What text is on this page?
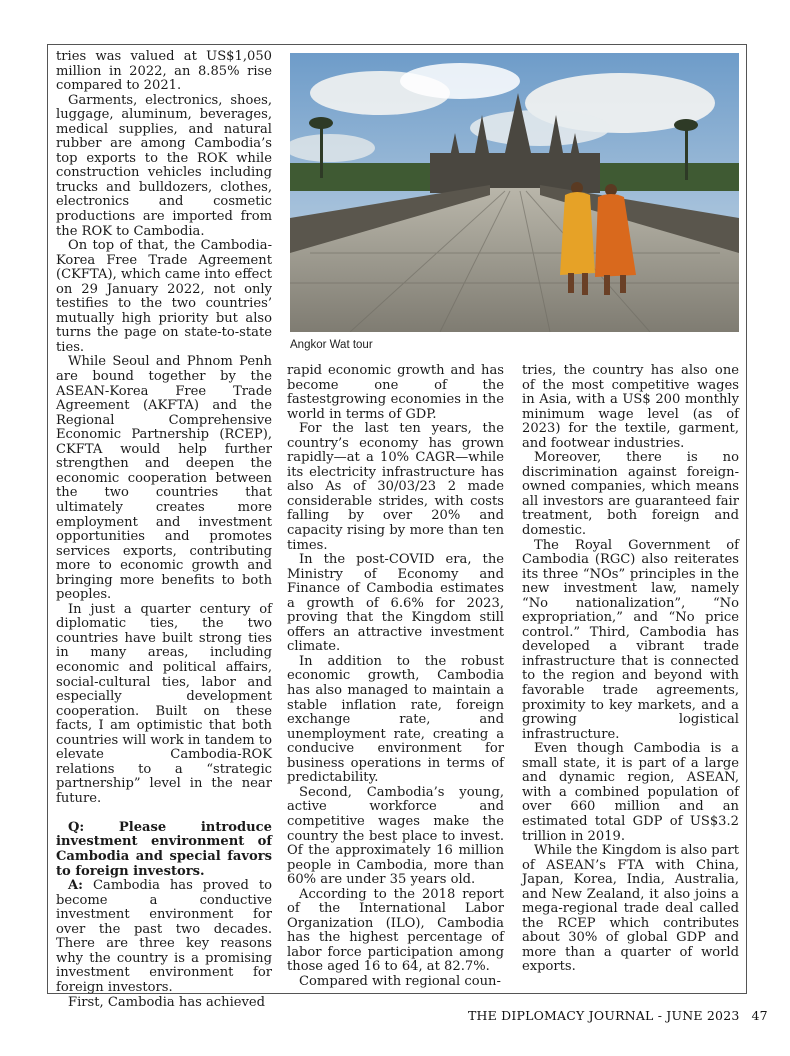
tries was valued at US$1,050 million in 2022, an 8.85% rise compared to 2021.

Garments, electronics, shoes, luggage, aluminum, beverages, medical supplies, and natural rubber are among Cambodia’s top exports to the ROK while construction vehicles including trucks and bulldozers, clothes, electronics and cosmetic productions are imported from the ROK to Cambodia.

On top of that, the Cambodia-Korea Free Trade Agreement (CKFTA), which came into effect on 29 January 2022, not only testifies to the two countries’ mutually high priority but also turns the page on state-to-state ties.

While Seoul and Phnom Penh are bound together by the ASEAN-Korea Free Trade Agreement (AKFTA) and the Regional Comprehensive Economic Partnership (RCEP), CKFTA would help further strengthen and deepen the economic cooperation between the two countries that ultimately creates more employment and investment opportunities and promotes services exports, contributing more to economic growth and bringing more benefits to both peoples.

In just a quarter century of diplomatic ties, the two countries have built strong ties in many areas, including economic and political affairs, social-cultural ties, labor and especially development cooperation. Built on these facts, I am optimistic that both countries will work in tandem to elevate Cambodia-ROK relations to a “strategic partnership” level in the near future.

Q: Please introduce investment environment of Cambodia and special favors to foreign investors.

A: Cambodia has proved to become a conductive investment environment for over the past two decades. There are three key reasons why the country is a promising investment environment for foreign investors.

First, Cambodia has achieved

Angkor Wat tour

rapid economic growth and has become one of the fastestgrowing economies in the world in terms of GDP.

For the last ten years, the country’s economy has grown rapidly—at a 10% CAGR—while its electricity infrastructure has also As of 30/03/23 2 made considerable strides, with costs falling by over 20% and capacity rising by more than ten times.

In the post-COVID era, the Ministry of Economy and Finance of Cambodia estimates a growth of 6.6% for 2023, proving that the Kingdom still offers an attractive investment climate.

In addition to the robust economic growth, Cambodia has also managed to maintain a stable inflation rate, foreign exchange rate, and unemployment rate, creating a conducive environment for business operations in terms of predictability.

Second, Cambodia’s young, active workforce and competitive wages make the country the best place to invest. Of the approximately 16 million people in Cambodia, more than 60% are under 35 years old.

According to the 2018 report of the International Labor Organization (ILO), Cambodia has the highest percentage of labor force participation among those aged 16 to 64, at 82.7%.

Compared with regional coun-

tries, the country has also one of the most competitive wages in Asia, with a US$ 200 monthly minimum wage level (as of 2023) for the textile, garment, and footwear industries.

Moreover, there is no discrimination against foreign-owned companies, which means all investors are guaranteed fair treatment, both foreign and domestic.

The Royal Government of Cambodia (RGC) also reiterates its three “NOs” principles in the new investment law, namely “No nationalization”, “No expropriation,” and “No price control.” Third, Cambodia has developed a vibrant trade infrastructure that is connected to the region and beyond with favorable trade agreements, proximity to key markets, and a growing logistical infrastructure.

Even though Cambodia is a small state, it is part of a large and dynamic region, ASEAN, with a combined population of over 660 million and an estimated total GDP of US$3.2 trillion in 2019.

While the Kingdom is also part of ASEAN’s FTA with China, Japan, Korea, India, Australia, and New Zealand, it also joins a mega-regional trade deal called the RCEP which contributes about 30% of global GDP and more than a quarter of world exports.

THE DIPLOMACY JOURNAL - JUNE 2023 47
